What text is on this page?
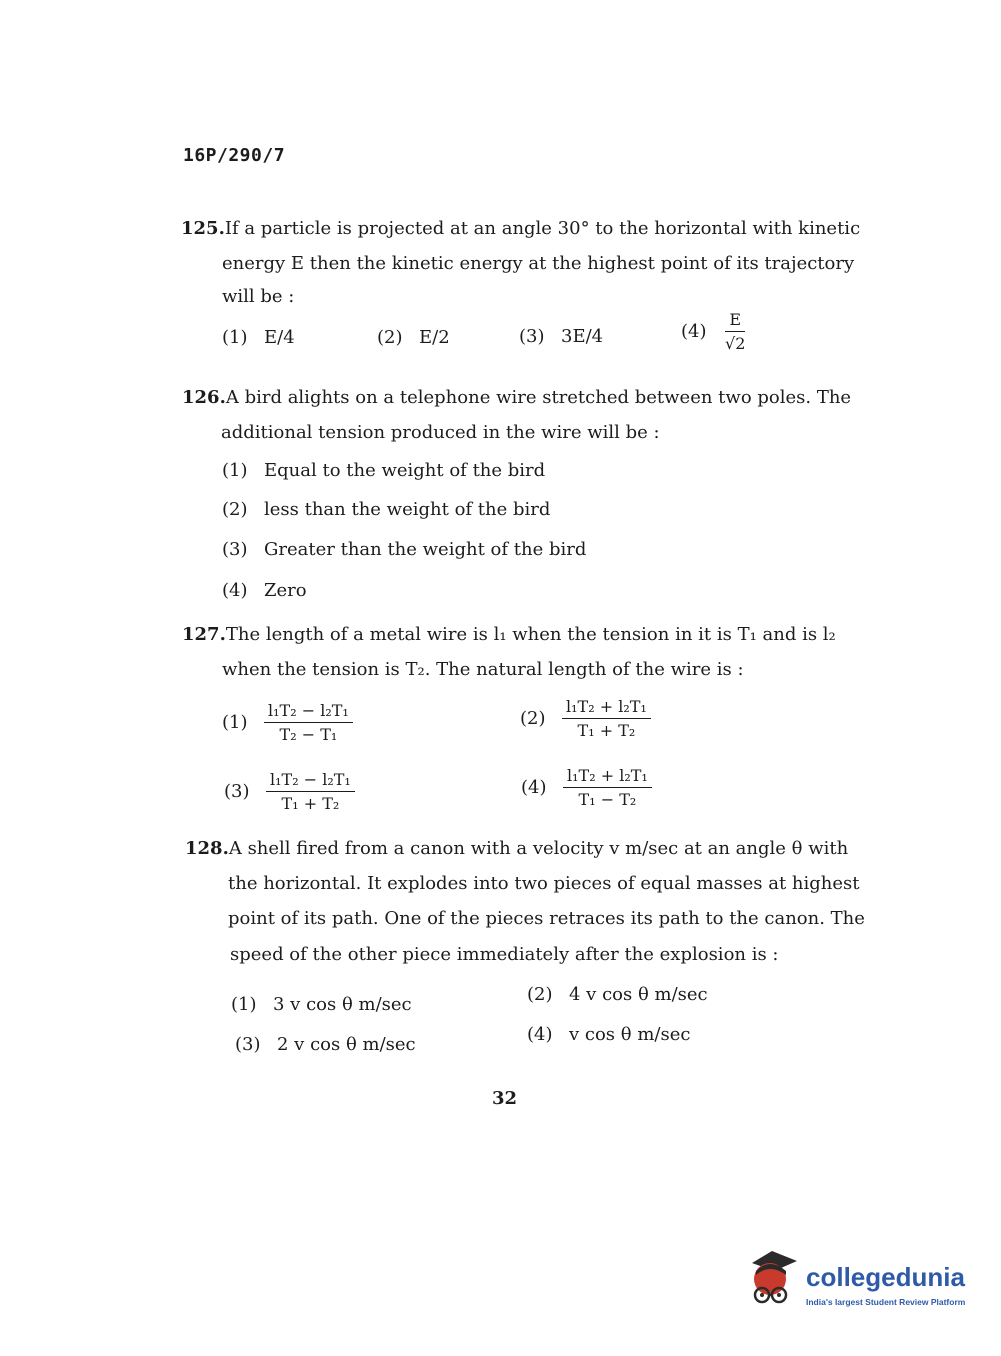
16P/290/7
125.If a particle is projected at an angle 30° to the horizontal with kinetic
energy E then the kinetic energy at the highest point of its trajectory
will be :
(1) E/4	(2) E/2	(3) 3E/4	$(4) \frac{E}{√2}$
126.A bird alights on a telephone wire stretched between two poles. The
additional tension produced in the wire will be :
(1) Equal to the weight of the bird
(2) less than the weight of the bird
(3) Greater than the weight of the bird
(4) Zero
127.The length of a metal wire is l₁ when the tension in it is T₁ and is l₂
when the tension is T₂. The natural length of the wire is :
$(1) \frac{\text{l₁T₂ − l₂T₁}}{\text{T₂ − T₁}}$	$(2) \frac{\text{l₁T₂ + l₂T₁}}{\text{T₁ + T₂}}$
$(3) \frac{\text{l₁T₂ − l₂T₁}}{\text{T₁ + T₂}}$	$(4) \frac{\text{l₁T₂ + l₂T₁}}{\text{T₁ − T₂}}$
128.A shell fired from a canon with a velocity v m/sec at an angle θ with
the horizontal. It explodes into two pieces of equal masses at highest
point of its path. One of the pieces retraces its path to the canon. The
speed of the other piece immediately after the explosion is :
(1) 3 v cos θ m/sec	(2) 4 v cos θ m/sec
(3) 2 v cos θ m/sec	(4) v cos θ m/sec
32
collegedunia
India's largest Student Review Platform
